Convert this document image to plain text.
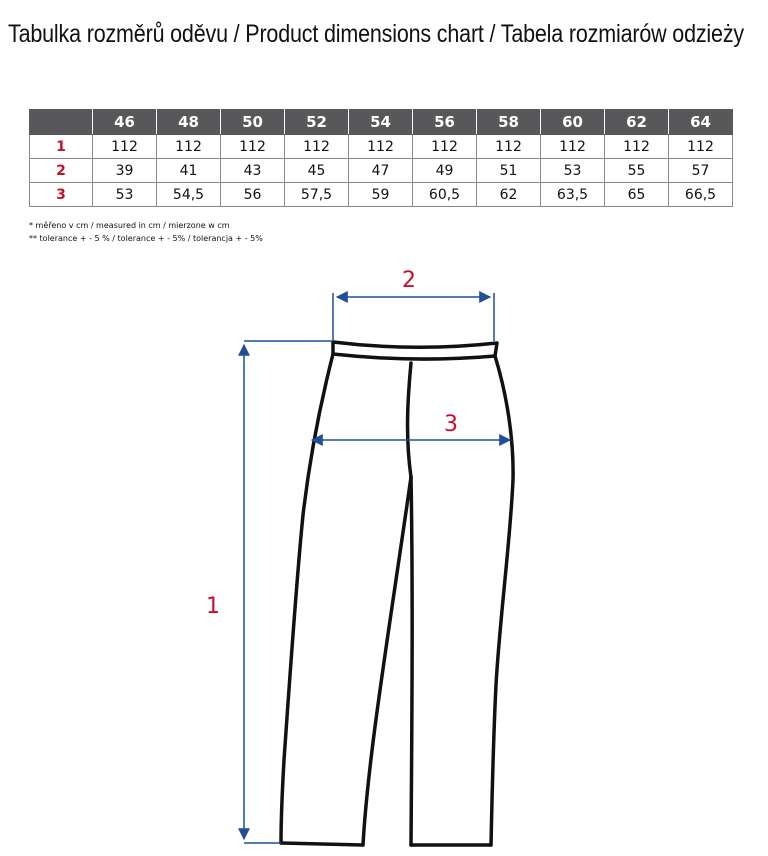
Tabulka rozměrů oděvu / Product dimensions chart / Tabela rozmiarów odzieży
	46	48	50	52	54	56	58	60	62	64
1	112	112	112	112	112	112	112	112	112	112
2	39	41	43	45	47	49	51	53	55	57
3	53	54,5	56	57,5	59	60,5	62	63,5	65	66,5
* měřeno v cm / measured in cm / mierzone w cm
** tolerance + - 5 % / tolerance + - 5% / tolerancja + - 5%
2
3
1
